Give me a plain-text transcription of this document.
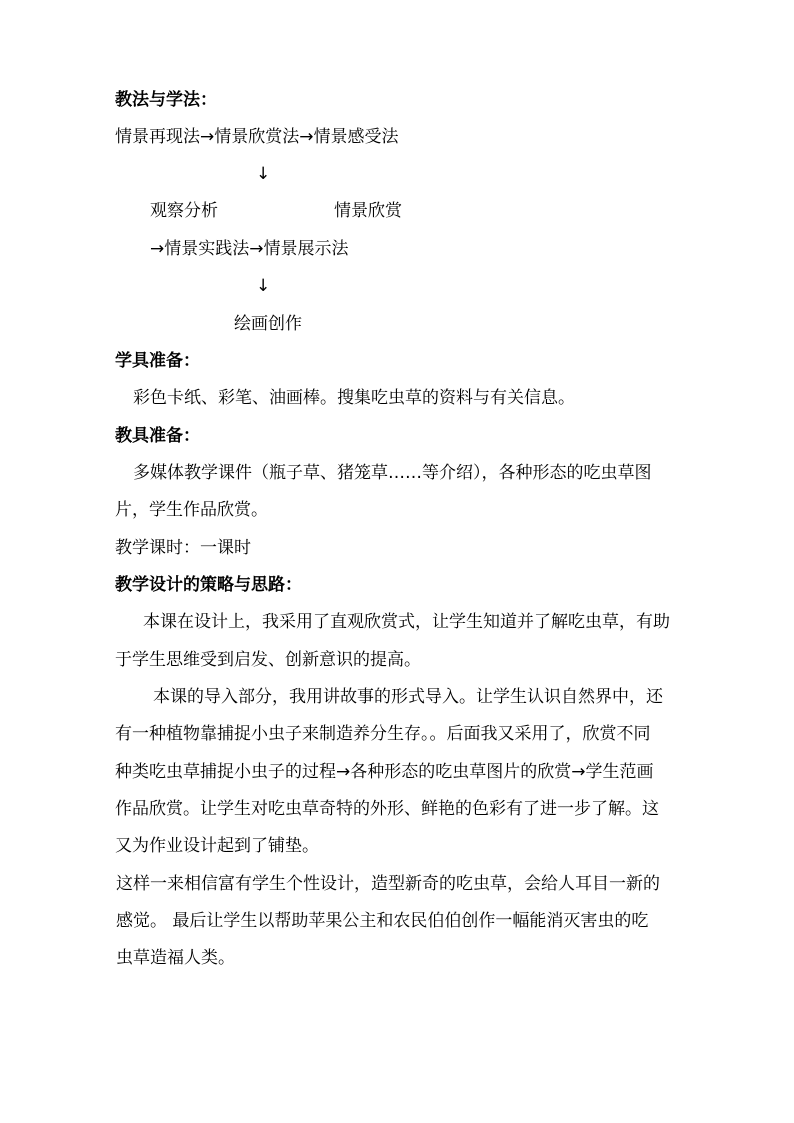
教法与学法：
情景再现法→情景欣赏法→情景感受法
↓
观察分析	情景欣赏
→情景实践法→情景展示法
↓
绘画创作
学具准备：
彩色卡纸、彩笔、油画棒。搜集吃虫草的资料与有关信息。
教具准备：
多媒体教学课件（瓶子草、猪笼草……等介绍），各种形态的吃虫草图
片，学生作品欣赏。
教学课时：一课时
教学设计的策略与思路：
本课在设计上，我采用了直观欣赏式，让学生知道并了解吃虫草，有助
于学生思维受到启发、创新意识的提高。
本课的导入部分，我用讲故事的形式导入。让学生认识自然界中，还
有一种植物靠捕捉小虫子来制造养分生存。。后面我又采用了，欣赏不同
种类吃虫草捕捉小虫子的过程→各种形态的吃虫草图片的欣赏→学生范画
作品欣赏。让学生对吃虫草奇特的外形、鲜艳的色彩有了进一步了解。这
又为作业设计起到了铺垫。
这样一来相信富有学生个性设计，造型新奇的吃虫草，会给人耳目一新的
感觉。 最后让学生以帮助苹果公主和农民伯伯创作一幅能消灭害虫的吃
虫草造福人类。
